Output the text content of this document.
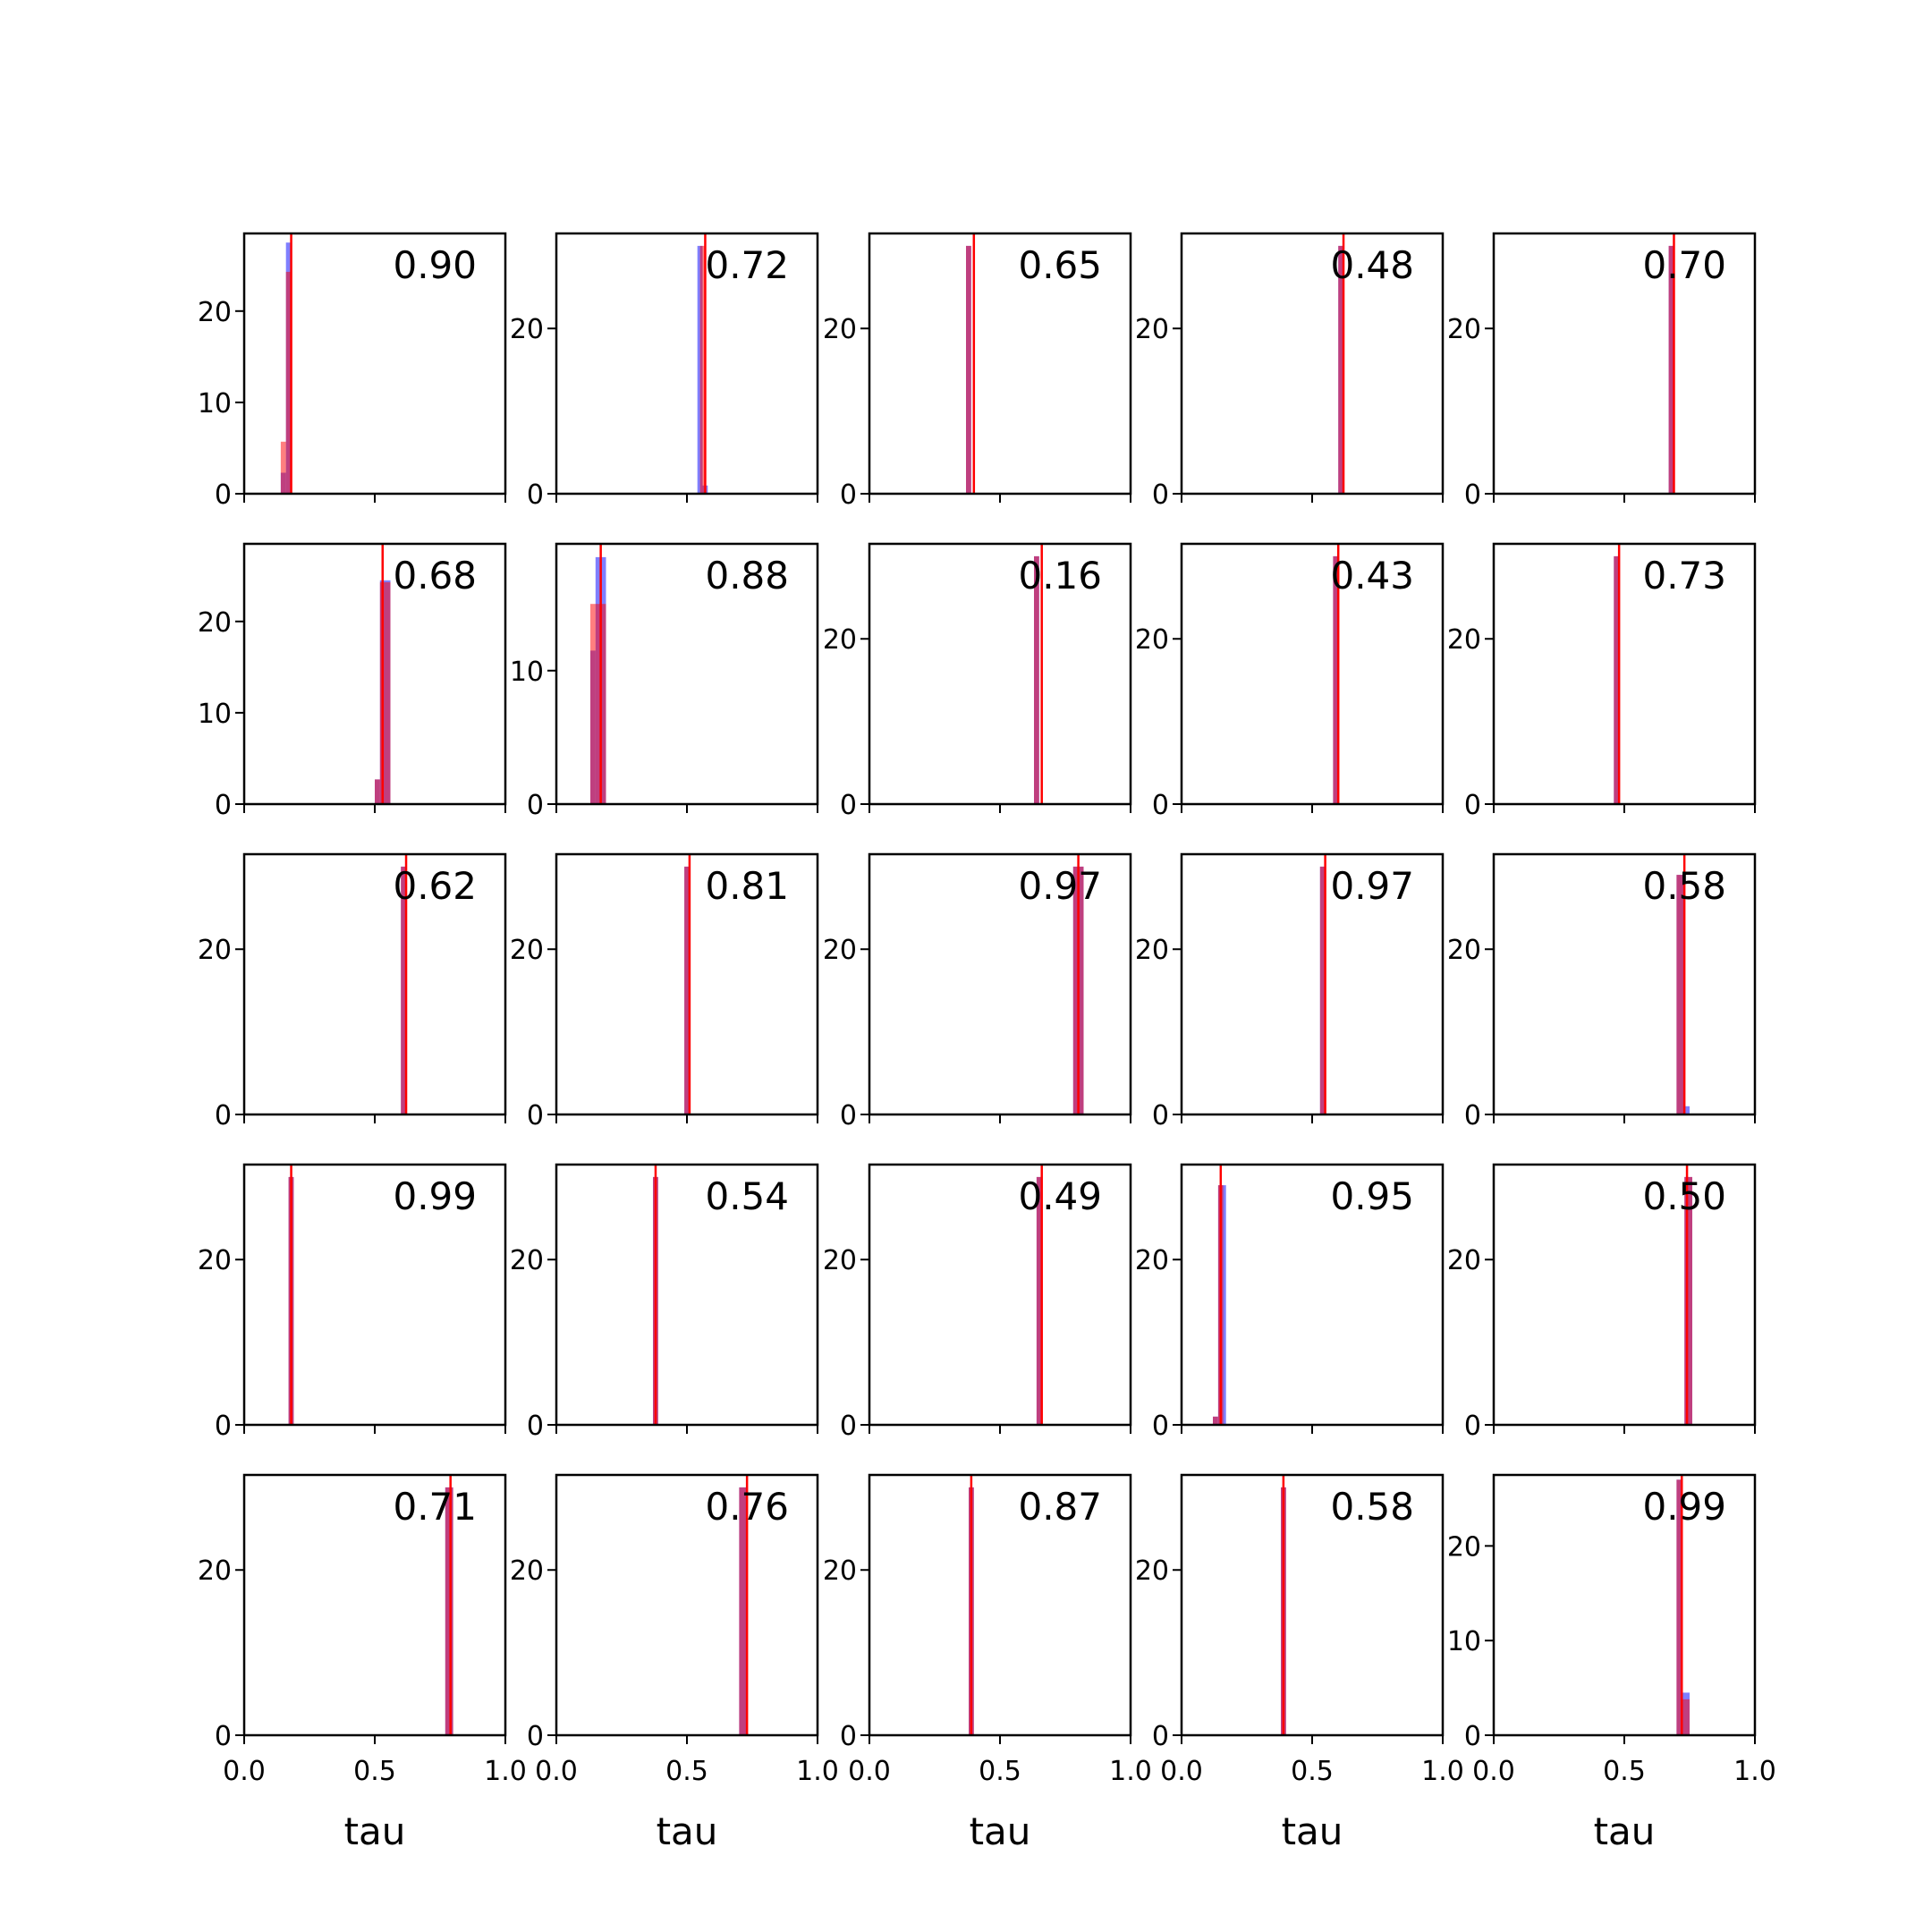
0
10
20
0.90
0
20
0.72
0
20
0.65
0
20
0.48
0
20
0.70
0
10
20
0.68
0
10
0.88
0
20
0.16
0
20
0.43
0
20
0.73
0
20
0.62
0
20
0.81
0
20
0.97
0
20
0.97
0
20
0.58
0
20
0.99
0
20
0.54
0
20
0.49
0
20
0.95
0
20
0.50
0
20
0.0	0.5	1.0
0.71
tau
0
20
0.0	0.5	1.0
0.76
tau
0
20
0.0	0.5	1.0
0.87
tau
0
20
0.0	0.5	1.0
0.58
tau
0
10
20
0.0	0.5	1.0
0.99
tau
